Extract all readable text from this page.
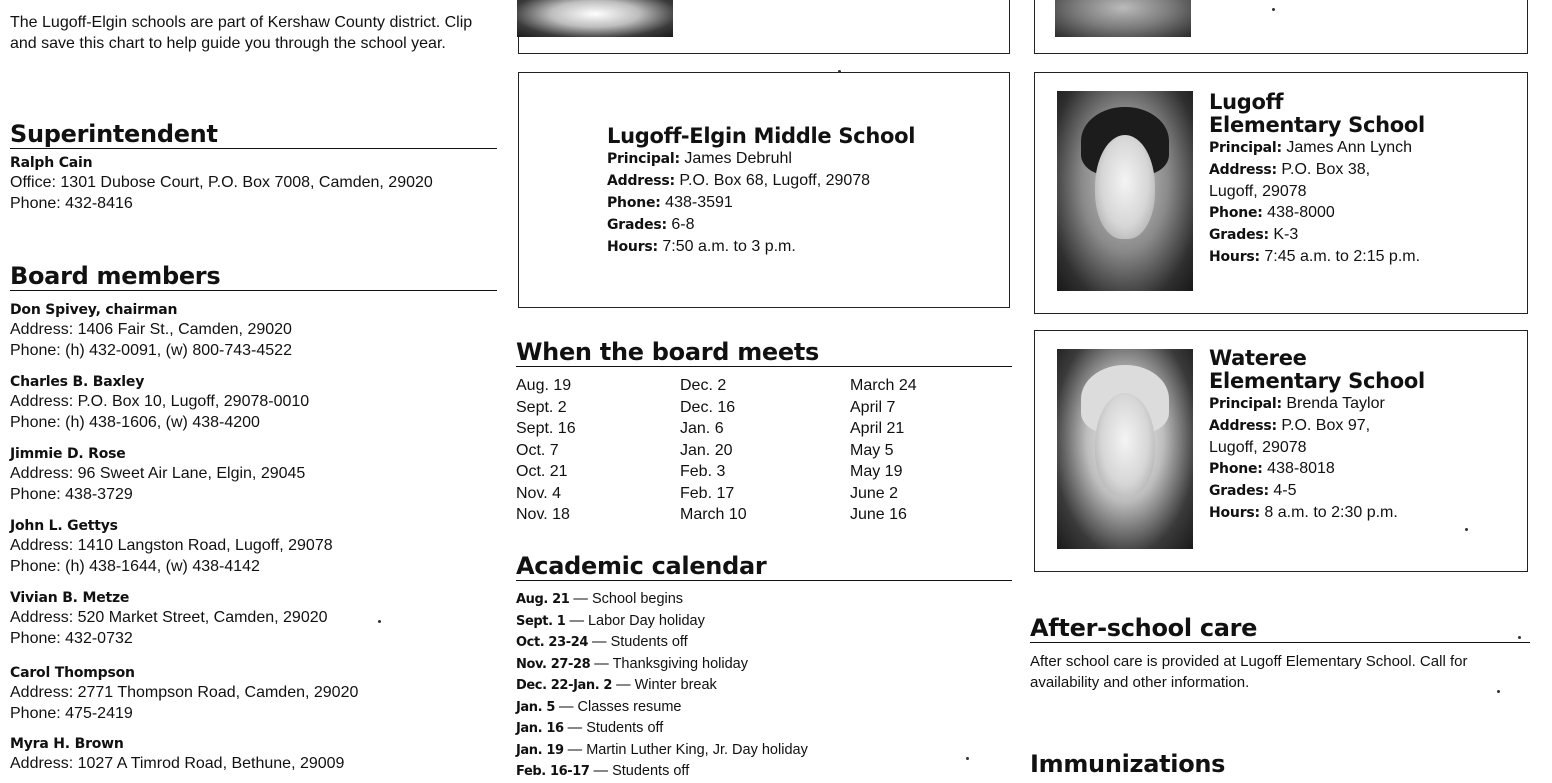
The Lugoff-Elgin schools are part of Kershaw County district. Clip and save this chart to help guide you through the school year.
Superintendent
Ralph Cain
Office: 1301 Dubose Court, P.O. Box 7008, Camden, 29020
Phone: 432-8416
Board members
Don Spivey, chairman
Address: 1406 Fair St., Camden, 29020
Phone: (h) 432-0091, (w) 800-743-4522
Charles B. Baxley
Address: P.O. Box 10, Lugoff, 29078-0010
Phone: (h) 438-1606, (w) 438-4200
Jimmie D. Rose
Address: 96 Sweet Air Lane, Elgin, 29045
Phone: 438-3729
John L. Gettys
Address: 1410 Langston Road, Lugoff, 29078
Phone: (h) 438-1644, (w) 438-4142
Vivian B. Metze
Address: 520 Market Street, Camden, 29020
Phone: 432-0732
Carol Thompson
Address: 2771 Thompson Road, Camden, 29020
Phone: 475-2419
Myra H. Brown
Address: 1027 A Timrod Road, Bethune, 29009
Lugoff-Elgin Middle School
Principal: James Debruhl
Address: P.O. Box 68, Lugoff, 29078
Phone: 438-3591
Grades: 6-8
Hours: 7:50 a.m. to 3 p.m.
Lugoff
Elementary School
Principal: James Ann Lynch
Address: P.O. Box 38,
Lugoff, 29078
Phone: 438-8000
Grades: K-3
Hours: 7:45 a.m. to 2:15 p.m.
Wateree
Elementary School
Principal: Brenda Taylor
Address: P.O. Box 97,
Lugoff, 29078
Phone: 438-8018
Grades: 4-5
Hours: 8 a.m. to 2:30 p.m.
When the board meets
Aug. 19
Sept. 2
Sept. 16
Oct. 7
Oct. 21
Nov. 4
Nov. 18
Dec. 2
Dec. 16
Jan. 6
Jan. 20
Feb. 3
Feb. 17
March 10
March 24
April 7
April 21
May 5
May 19
June 2
June 16
Academic calendar
Aug. 21 — School begins
Sept. 1 — Labor Day holiday
Oct. 23-24 — Students off
Nov. 27-28 — Thanksgiving holiday
Dec. 22-Jan. 2 — Winter break
Jan. 5 — Classes resume
Jan. 16 — Students off
Jan. 19 — Martin Luther King, Jr. Day holiday
Feb. 16-17 — Students off
After-school care
After school care is provided at Lugoff Elementary School. Call for availability and other information.
Immunizations
